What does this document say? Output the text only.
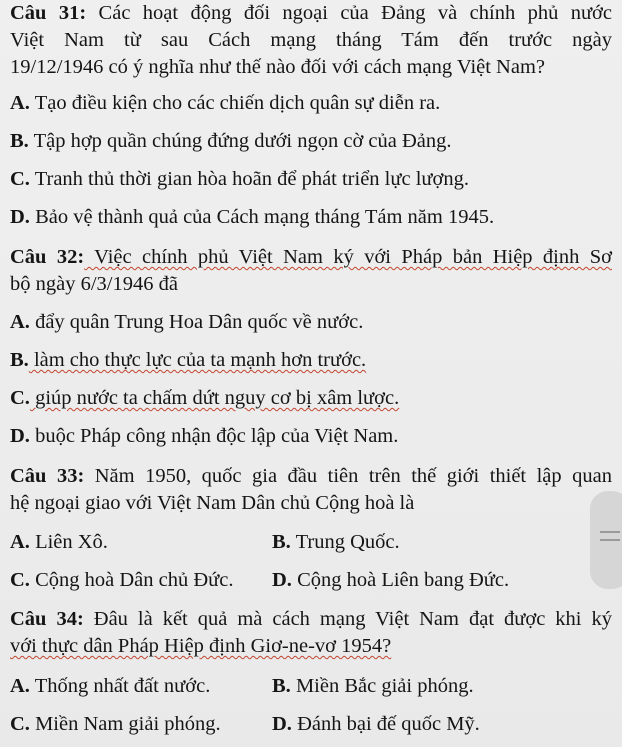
Câu 31: Các hoạt động đối ngoại của Đảng và chính phủ nước
Việt Nam từ sau Cách mạng tháng Tám đến trước ngày
19/12/1946 có ý nghĩa như thế nào đối với cách mạng Việt Nam?
A. Tạo điều kiện cho các chiến dịch quân sự diễn ra.
B. Tập hợp quần chúng đứng dưới ngọn cờ của Đảng.
C. Tranh thủ thời gian hòa hoãn để phát triển lực lượng.
D. Bảo vệ thành quả của Cách mạng tháng Tám năm 1945.
Câu 32: Việc chính phủ Việt Nam ký với Pháp bản Hiệp định Sơ
bộ ngày 6/3/1946 đã
A. đẩy quân Trung Hoa Dân quốc về nước.
B. làm cho thực lực của ta mạnh hơn trước.
C. giúp nước ta chấm dứt nguy cơ bị xâm lược.
D. buộc Pháp công nhận độc lập của Việt Nam.
Câu 33: Năm 1950, quốc gia đầu tiên trên thế giới thiết lập quan
hệ ngoại giao với Việt Nam Dân chủ Cộng hoà là
A. Liên Xô.	B. Trung Quốc.
C. Cộng hoà Dân chủ Đức. D. Cộng hoà Liên bang Đức.
Câu 34: Đâu là kết quả mà cách mạng Việt Nam đạt được khi ký
với thực dân Pháp Hiệp định Giơ-ne-vơ 1954?
A. Thống nhất đất nước.	B. Miền Bắc giải phóng.
C. Miền Nam giải phóng.	D. Đánh bại đế quốc Mỹ.
